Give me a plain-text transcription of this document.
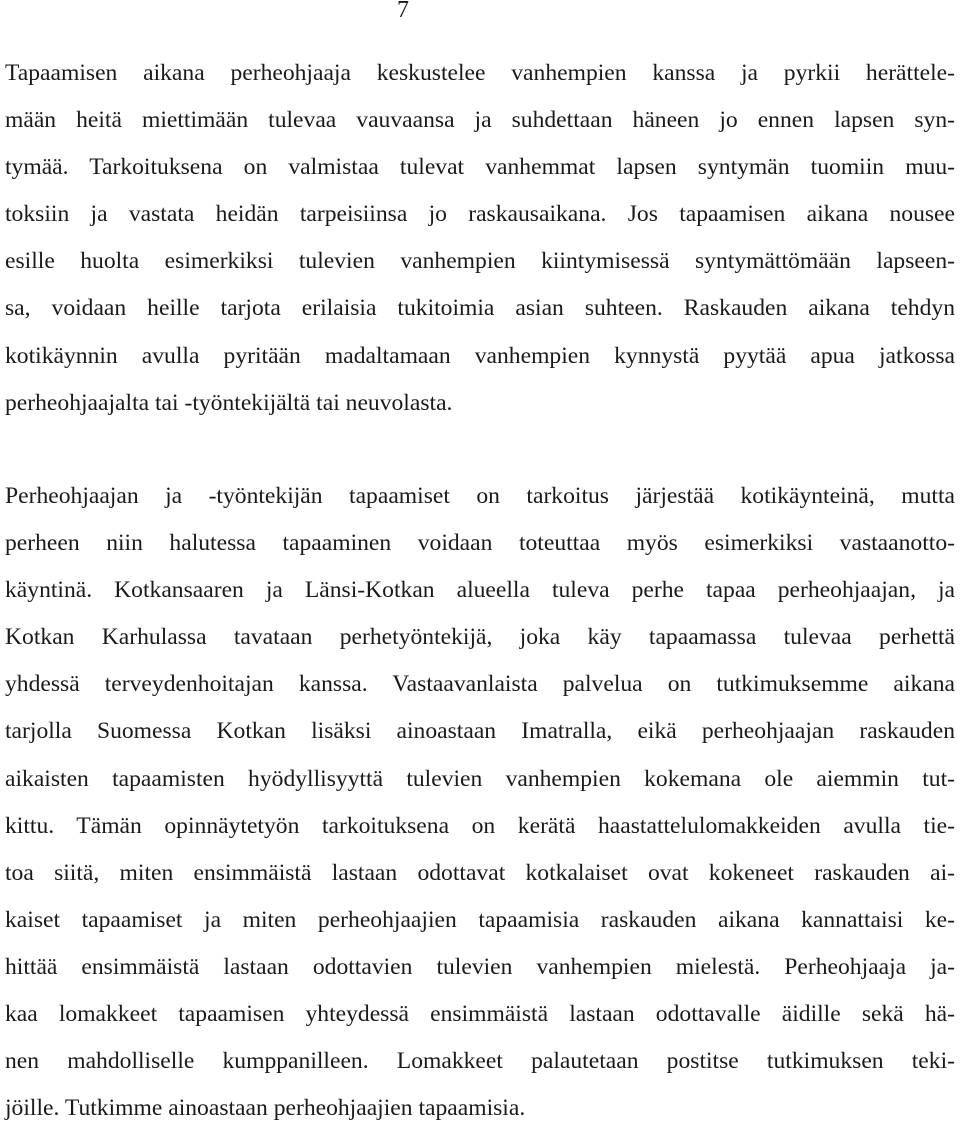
7
Tapaamisen aikana perheohjaaja keskustelee vanhempien kanssa ja pyrkii herättele-
mään heitä miettimään tulevaa vauvaansa ja suhdettaan häneen jo ennen lapsen syn-
tymää. Tarkoituksena on valmistaa tulevat vanhemmat lapsen syntymän tuomiin muu-
toksiin ja vastata heidän tarpeisiinsa jo raskausaikana. Jos tapaamisen aikana nousee
esille huolta esimerkiksi tulevien vanhempien kiintymisessä syntymättömään lapseen-
sa, voidaan heille tarjota erilaisia tukitoimia asian suhteen. Raskauden aikana tehdyn
kotikäynnin avulla pyritään madaltamaan vanhempien kynnystä pyytää apua jatkossa
perheohjaajalta tai -työntekijältä tai neuvolasta.
Perheohjaajan ja -työntekijän tapaamiset on tarkoitus järjestää kotikäynteinä, mutta
perheen niin halutessa tapaaminen voidaan toteuttaa myös esimerkiksi vastaanotto-
käyntinä. Kotkansaaren ja Länsi-Kotkan alueella tuleva perhe tapaa perheohjaajan, ja
Kotkan Karhulassa tavataan perhetyöntekijä, joka käy tapaamassa tulevaa perhettä
yhdessä terveydenhoitajan kanssa. Vastaavanlaista palvelua on tutkimuksemme aikana
tarjolla Suomessa Kotkan lisäksi ainoastaan Imatralla, eikä perheohjaajan raskauden
aikaisten tapaamisten hyödyllisyyttä tulevien vanhempien kokemana ole aiemmin tut-
kittu. Tämän opinnäytetyön tarkoituksena on kerätä haastattelulomakkeiden avulla tie-
toa siitä, miten ensimmäistä lastaan odottavat kotkalaiset ovat kokeneet raskauden ai-
kaiset tapaamiset ja miten perheohjaajien tapaamisia raskauden aikana kannattaisi ke-
hittää ensimmäistä lastaan odottavien tulevien vanhempien mielestä. Perheohjaaja ja-
kaa lomakkeet tapaamisen yhteydessä ensimmäistä lastaan odottavalle äidille sekä hä-
nen mahdolliselle kumppanilleen. Lomakkeet palautetaan postitse tutkimuksen teki-
jöille. Tutkimme ainoastaan perheohjaajien tapaamisia.
